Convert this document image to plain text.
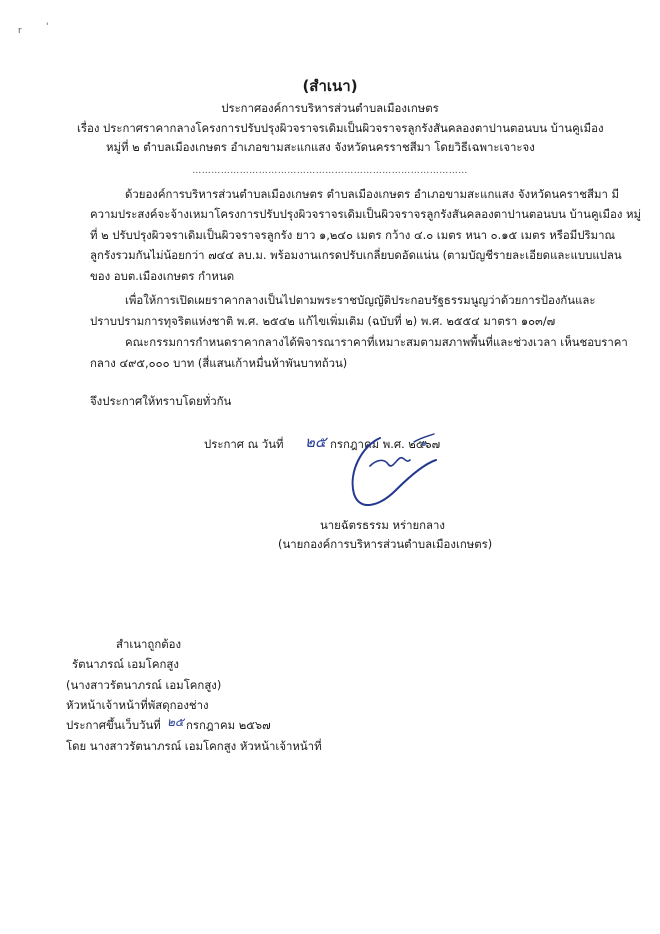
r	'
(สำเนา)
ประกาศองค์การบริหารส่วนตำบลเมืองเกษตร
เรื่อง ประกาศราคากลางโครงการปรับปรุงผิวจราจรเดิมเป็นผิวจราจรลูกรังสันคลองตาปานตอนบน บ้านคูเมือง
หมู่ที่ ๒ ตำบลเมืองเกษตร อำเภอขามสะแกแสง จังหวัดนครราชสีมา โดยวิธีเฉพาะเจาะจง
……………………………………………………………………………
ด้วยองค์การบริหารส่วนตำบลเมืองเกษตร ตำบลเมืองเกษตร อำเภอขามสะแกแสง จังหวัดนคราชสีมา มี
ความประสงค์จะจ้างเหมาโครงการปรับปรุงผิวจราจรเดิมเป็นผิวจราจรลูกรังสันคลองตาปานตอนบน บ้านคูเมือง หมู่
ที่ ๒ ปรับปรุงผิวจราเดิมเป็นผิวจราจรลูกรัง ยาว ๑,๒๔๐ เมตร กว้าง ๔.๐ เมตร หนา ๐.๑๕ เมตร หรือมีปริมาณ
ลูกรังรวมกันไม่น้อยกว่า ๗๔๔ ลบ.ม. พร้อมงานเกรดปรับเกลี่ยบดอัดแน่น (ตามบัญชีรายละเอียดและแบบแปลน
ของ อบต.เมืองเกษตร กำหนด
เพื่อให้การเปิดเผยราคากลางเป็นไปตามพระราชบัญญัติประกอบรัฐธรรมนูญว่าด้วยการป้องกันและ
ปราบปรามการทุจริตแห่งชาติ พ.ศ. ๒๕๔๒ แก้ไขเพิ่มเติม (ฉบับที่ ๒) พ.ศ. ๒๕๕๔ มาตรา ๑๐๓/๗
คณะกรรมการกำหนดราคากลางได้พิจารณาราคาที่เหมาะสมตามสภาพพื้นที่และช่วงเวลา เห็นชอบราคา
กลาง ๔๙๕,๐๐๐ บาท (สี่แสนเก้าหมื่นห้าพันบาทถ้วน)
จึงประกาศให้ทราบโดยทั่วกัน
ประกาศ ณ วันที่ ๒๕ กรกฎาคม พ.ศ. ๒๕๖๗
นายฉัตรธรรม หร่ายกลาง
(นายกองค์การบริหารส่วนตำบลเมืองเกษตร)
สำเนาถูกต้อง
รัตนาภรณ์ เอมโคกสูง
(นางสาวรัตนาภรณ์ เอมโคกสูง)
หัวหน้าเจ้าหน้าที่พัสดุกองช่าง
ประกาศขึ้นเว็บวันที่ ๒๕ กรกฎาคม ๒๕๖๗
โดย นางสาวรัตนาภรณ์ เอมโคกสูง หัวหน้าเจ้าหน้าที่
